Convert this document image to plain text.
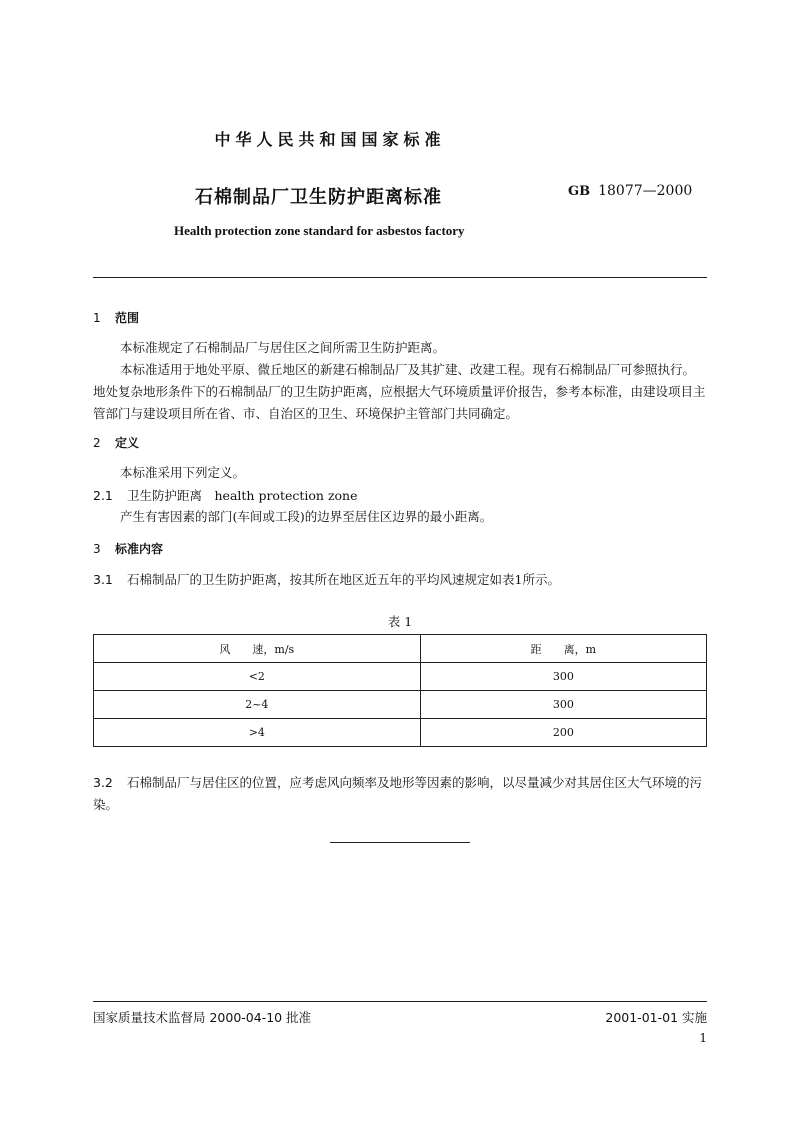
中华人民共和国国家标准
石棉制品厂卫生防护距离标准	GB 18077—2000
Health protection zone standard for asbestos factory
1 范围
本标准规定了石棉制品厂与居住区之间所需卫生防护距离。
本标准适用于地处平原、微丘地区的新建石棉制品厂及其扩建、改建工程。现有石棉制品厂可参照执行。地处复杂地形条件下的石棉制品厂的卫生防护距离，应根据大气环境质量评价报告，参考本标准，由建设项目主管部门与建设项目所在省、市、自治区的卫生、环境保护主管部门共同确定。
2 定义
本标准采用下列定义。
2.1 卫生防护距离　health protection zone
产生有害因素的部门(车间或工段)的边界至居住区边界的最小距离。
3 标准内容
3.1 石棉制品厂的卫生防护距离，按其所在地区近五年的平均风速规定如表1所示。
表 1
风　　速，m/s	距　　离，m
<2	300
2~4	300
>4	200
3.2 石棉制品厂与居住区的位置，应考虑风向频率及地形等因素的影响，以尽量减少对其居住区大气环境的污染。
国家质量技术监督局 2000-04-10 批准	2001-01-01 实施
1
